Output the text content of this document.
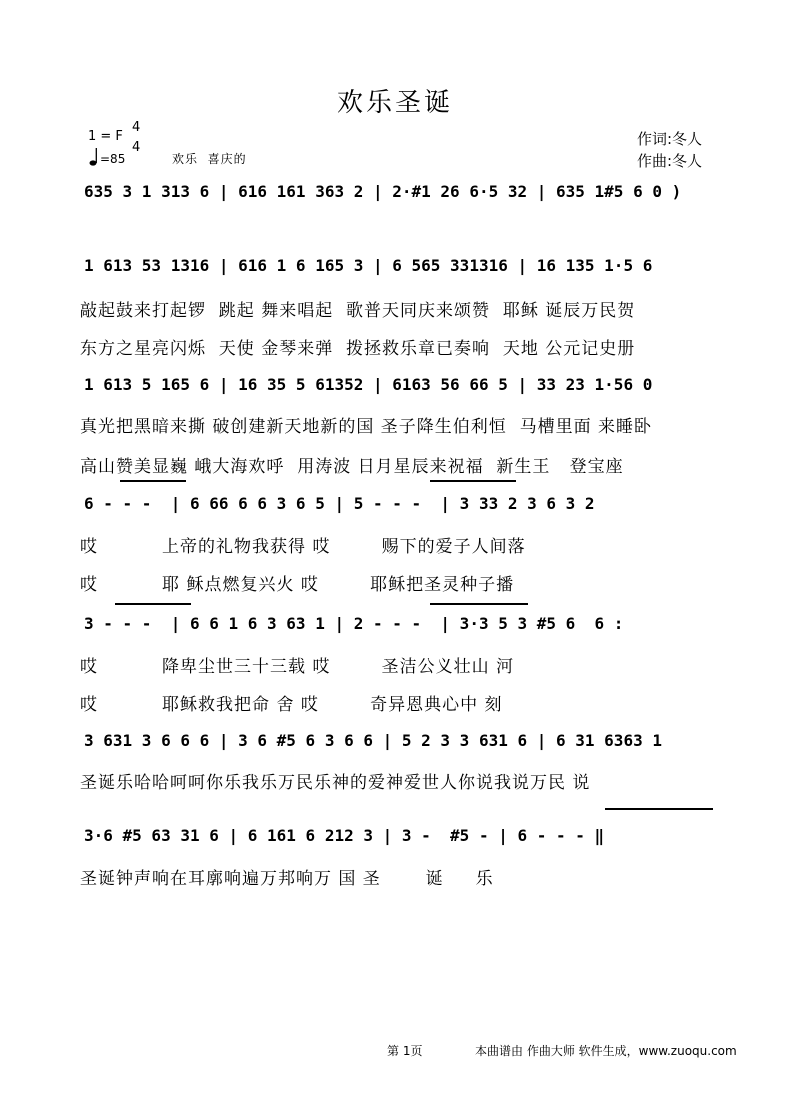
欢乐圣诞
1 = F
4
4
=85	欢乐  喜庆的
作词:冬人
作曲:冬人
635 3 1 313 6 | 616 161 363 2 | 2·#1 26 6·5 32 | 635 1#5 6 0 )
1 613 53 1316 | 616 1 6 165 3 | 6 565 331316 | 16 135 1·5 6
敲起鼓来打起锣  跳起 舞来唱起  歌普天同庆来颂赞  耶稣 诞辰万民贺
东方之星亮闪烁  天使 金琴来弹  拨拯救乐章已奏响  天地 公元记史册
1 613 5 165 6 | 16 35 5 61352 | 6163 56 66 5 | 33 23 1·56 0
真光把黑暗来撕 破创建新天地新的国 圣子降生伯利恒  马槽里面 来睡卧
高山赞美显巍 峨大海欢呼  用涛波 日月星辰来祝福  新生王   登宝座
6 - - -  | 6 66 6 6 3 6 5 | 5 - - -  | 3 33 2 3 6 3 2
哎          上帝的礼物我获得 哎        赐下的爱子人间落
哎          耶 稣点燃复兴火 哎        耶稣把圣灵种子播
3 - - -  | 6 6 1 6 3 63 1 | 2 - - -  | 3·3 5 3 #5 6  6 :
哎          降卑尘世三十三载 哎        圣洁公义壮山 河
哎          耶稣救我把命 舍 哎        奇异恩典心中 刻
3 631 3 6 6 6 | 3 6 #5 6 3 6 6 | 5 2 3 3 631 6 | 6 31 6363 1
圣诞乐哈哈呵呵你乐我乐万民乐神的爱神爱世人你说我说万民 说
3·6 #5 63 31 6 | 6 161 6 212 3 | 3 -  #5 - | 6 - - - ‖
圣诞钟声响在耳廓响遍万邦响万 国 圣       诞     乐
第 1页	本曲谱由 作曲大师 软件生成，www.zuoqu.com
